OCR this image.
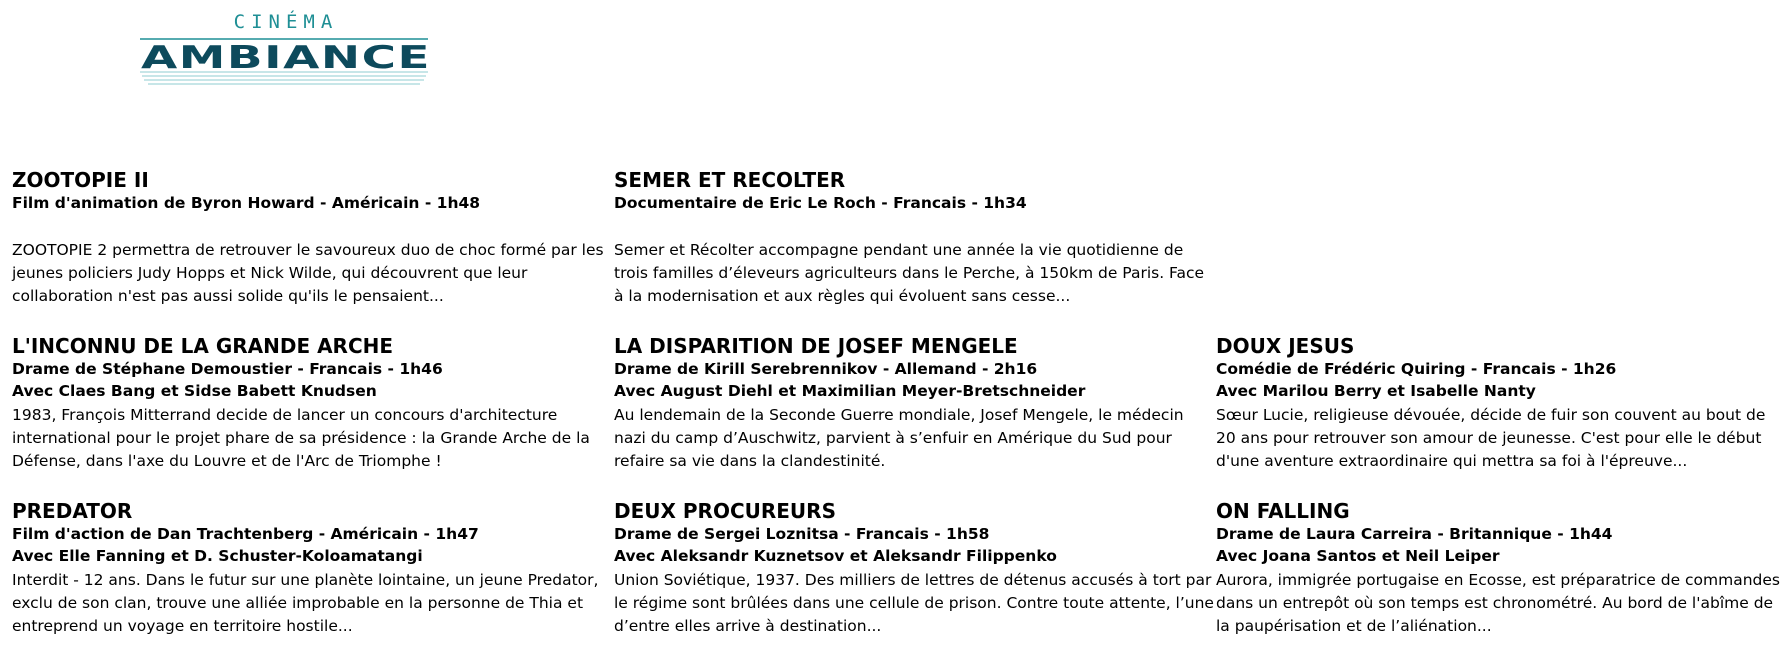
CINÉMA
AMBIANCE
ZOOTOPIE II
Film d'animation de Byron Howard - Américain - 1h48
ZOOTOPIE 2 permettra de retrouver le savoureux duo de choc formé par les jeunes policiers Judy Hopps et Nick Wilde, qui découvrent que leur collaboration n'est pas aussi solide qu'ils le pensaient...
SEMER ET RECOLTER
Documentaire de Eric Le Roch - Francais - 1h34
Semer et Récolter accompagne pendant une année la vie quotidienne de trois familles d’éleveurs agriculteurs dans le Perche, à 150km de Paris. Face à la modernisation et aux règles qui évoluent sans cesse...
L'INCONNU DE LA GRANDE ARCHE
Drame de Stéphane Demoustier - Francais - 1h46
Avec Claes Bang et Sidse Babett Knudsen
1983, François Mitterrand decide de lancer un concours d'architecture international pour le projet phare de sa présidence : la Grande Arche de la Défense, dans l'axe du Louvre et de l'Arc de Triomphe !
LA DISPARITION DE JOSEF MENGELE
Drame de Kirill Serebrennikov - Allemand - 2h16
Avec August Diehl et Maximilian Meyer-Bretschneider
Au lendemain de la Seconde Guerre mondiale, Josef Mengele, le médecin nazi du camp d’Auschwitz, parvient à s’enfuir en Amérique du Sud pour refaire sa vie dans la clandestinité.
DOUX JESUS
Comédie de Frédéric Quiring - Francais - 1h26
Avec Marilou Berry et Isabelle Nanty
Sœur Lucie, religieuse dévouée, décide de fuir son couvent au bout de 20 ans pour retrouver son amour de jeunesse. C'est pour elle le début d'une aventure extraordinaire qui mettra sa foi à l'épreuve...
PREDATOR
Film d'action de Dan Trachtenberg - Américain - 1h47
Avec Elle Fanning et D. Schuster-Koloamatangi
Interdit - 12 ans. Dans le futur sur une planète lointaine, un jeune Predator, exclu de son clan, trouve une alliée improbable en la personne de Thia et entreprend un voyage en territoire hostile...
DEUX PROCUREURS
Drame de Sergei Loznitsa - Francais - 1h58
Avec Aleksandr Kuznetsov et Aleksandr Filippenko
Union Soviétique, 1937. Des milliers de lettres de détenus accusés à tort par le régime sont brûlées dans une cellule de prison. Contre toute attente, l’une d’entre elles arrive à destination...
ON FALLING
Drame de Laura Carreira - Britannique - 1h44
Avec Joana Santos et Neil Leiper
Aurora, immigrée portugaise en Ecosse, est préparatrice de commandes dans un entrepôt où son temps est chronométré. Au bord de l'abîme de la paupérisation et de l’aliénation...
